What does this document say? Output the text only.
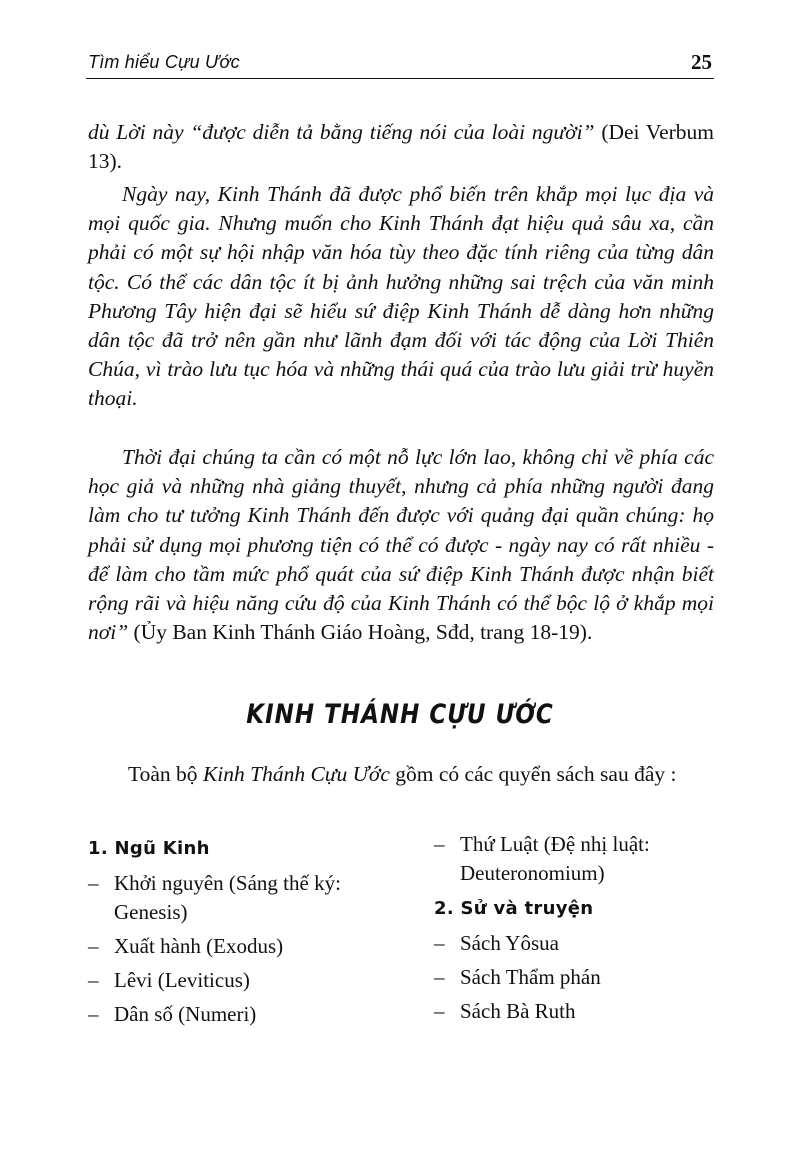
Tìm hiểu Cựu Ước	25

dù Lời này “được diễn tả bằng tiếng nói của loài người” (Dei Verbum 13).

Ngày nay, Kinh Thánh đã được phổ biến trên khắp mọi lục địa và mọi quốc gia. Nhưng muốn cho Kinh Thánh đạt hiệu quả sâu xa, cần phải có một sự hội nhập văn hóa tùy theo đặc tính riêng của từng dân tộc. Có thể các dân tộc ít bị ảnh hưởng những sai trệch của văn minh Phương Tây hiện đại sẽ hiểu sứ điệp Kinh Thánh dễ dàng hơn những dân tộc đã trở nên gần như lãnh đạm đối với tác động của Lời Thiên Chúa, vì trào lưu tục hóa và những thái quá của trào lưu giải trừ huyền thoại.

Thời đại chúng ta cần có một nỗ lực lớn lao, không chỉ về phía các học giả và những nhà giảng thuyết, nhưng cả phía những người đang làm cho tư tưởng Kinh Thánh đến được với quảng đại quần chúng: họ phải sử dụng mọi phương tiện có thể có được - ngày nay có rất nhiều - để làm cho tầm mức phổ quát của sứ điệp Kinh Thánh được nhận biết rộng rãi và hiệu năng cứu độ của Kinh Thánh có thể bộc lộ ở khắp mọi nơi” (Ủy Ban Kinh Thánh Giáo Hoàng, Sđd, trang 18-19).

KINH THÁNH CỰU ƯỚC

Toàn bộ Kinh Thánh Cựu Ước gồm có các quyển sách sau đây :

1. Ngũ Kinh
– Khởi nguyên (Sáng thế ký: Genesis)
– Xuất hành (Exodus)
– Lêvi (Leviticus)
– Dân số (Numeri)
– Thứ Luật (Đệ nhị luật: Deuteronomium)
2. Sử và truyện
– Sách Yôsua
– Sách Thẩm phán
– Sách Bà Ruth
